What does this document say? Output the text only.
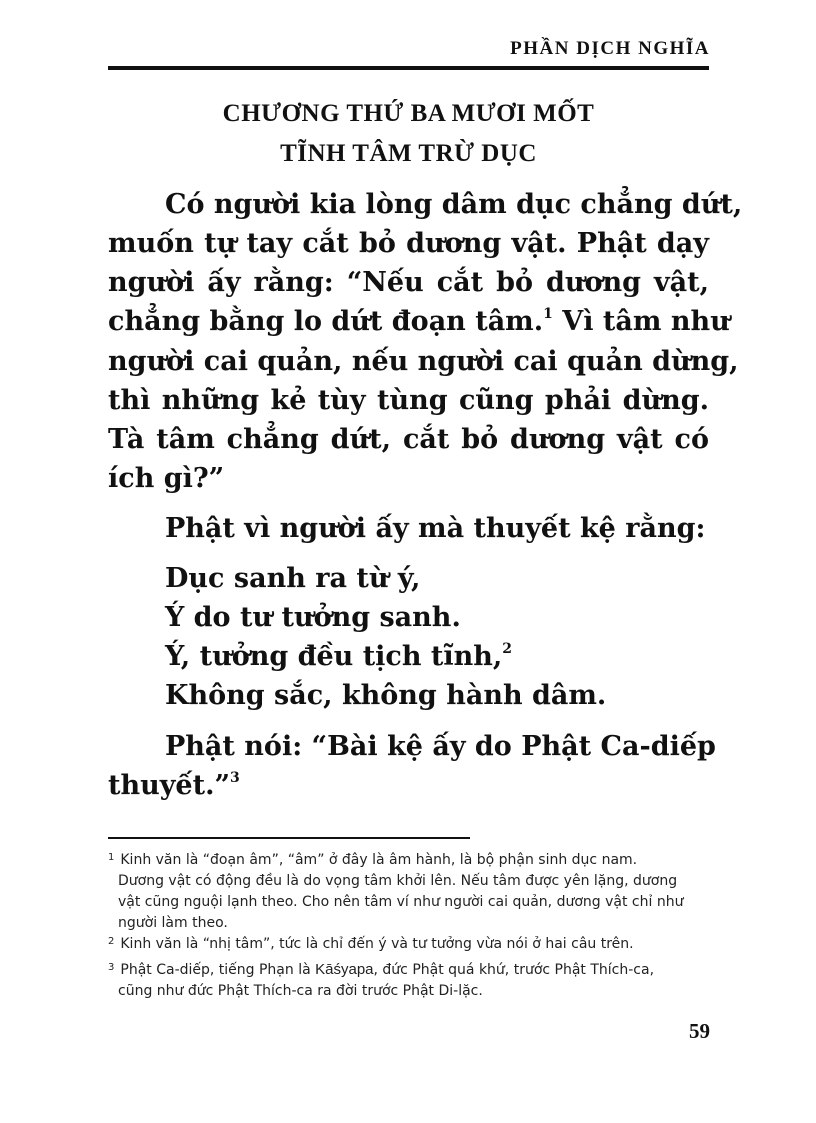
PHẦN DỊCH NGHĨA
CHƯƠNG THỨ BA MƯƠI MỐT
TĨNH TÂM TRỪ DỤC
Có người kia lòng dâm dục chẳng dứt,
muốn tự tay cắt bỏ dương vật. Phật dạy
người ấy rằng: “Nếu cắt bỏ dương vật,
chẳng bằng lo dứt đoạn tâm.$^1$ Vì tâm như
người cai quản, nếu người cai quản dừng,
thì những kẻ tùy tùng cũng phải dừng.
Tà tâm chẳng dứt, cắt bỏ dương vật có
ích gì?”
Phật vì người ấy mà thuyết kệ rằng:
Dục sanh ra từ ý,
Ý do tư tưởng sanh.
Ý, tưởng đều tịch tĩnh,$^2$
Không sắc, không hành dâm.
Phật nói: “Bài kệ ấy do Phật Ca-diếp
thuyết.”$^3$
$^1$ Kinh văn là “đoạn âm”, “âm” ở đây là âm hành, là bộ phận sinh dục nam.
Dương vật có động đều là do vọng tâm khởi lên. Nếu tâm được yên lặng, dương
vật cũng nguội lạnh theo. Cho nên tâm ví như người cai quản, dương vật chỉ như
người làm theo.
$^2$ Kinh văn là “nhị tâm”, tức là chỉ đến ý và tư tưởng vừa nói ở hai câu trên.
$^3$ Phật Ca-diếp, tiếng Phạn là Kāśyapa, đức Phật quá khứ, trước Phật Thích-ca,
cũng như đức Phật Thích-ca ra đời trước Phật Di-lặc.
59
